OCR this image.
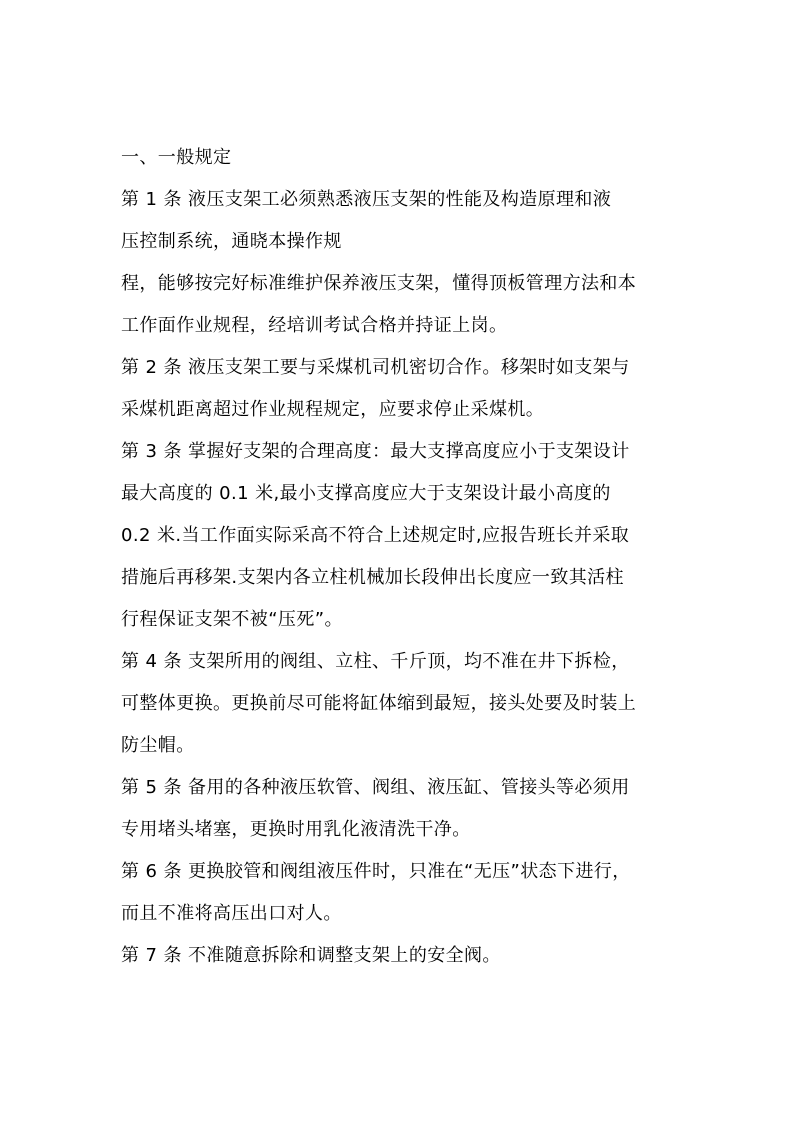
一、一般规定
第 1 条 液压支架工必须熟悉液压支架的性能及构造原理和液
压控制系统，通晓本操作规
程，能够按完好标准维护保养液压支架，懂得顶板管理方法和本
工作面作业规程，经培训考试合格并持证上岗。
第 2 条 液压支架工要与采煤机司机密切合作。移架时如支架与
采煤机距离超过作业规程规定，应要求停止采煤机。
第 3 条 掌握好支架的合理高度：最大支撑高度应小于支架设计
最大高度的 0.1 米,最小支撑高度应大于支架设计最小高度的
0.2 米.当工作面实际采高不符合上述规定时,应报告班长并采取
措施后再移架.支架内各立柱机械加长段伸出长度应一致其活柱
行程保证支架不被“压死”。
第 4 条 支架所用的阀组、立柱、千斤顶，均不准在井下拆检，
可整体更换。更换前尽可能将缸体缩到最短，接头处要及时装上
防尘帽。
第 5 条 备用的各种液压软管、阀组、液压缸、管接头等必须用
专用堵头堵塞，更换时用乳化液清洗干净。
第 6 条 更换胶管和阀组液压件时，只准在“无压”状态下进行，
而且不准将高压出口对人。
第 7 条 不准随意拆除和调整支架上的安全阀。
